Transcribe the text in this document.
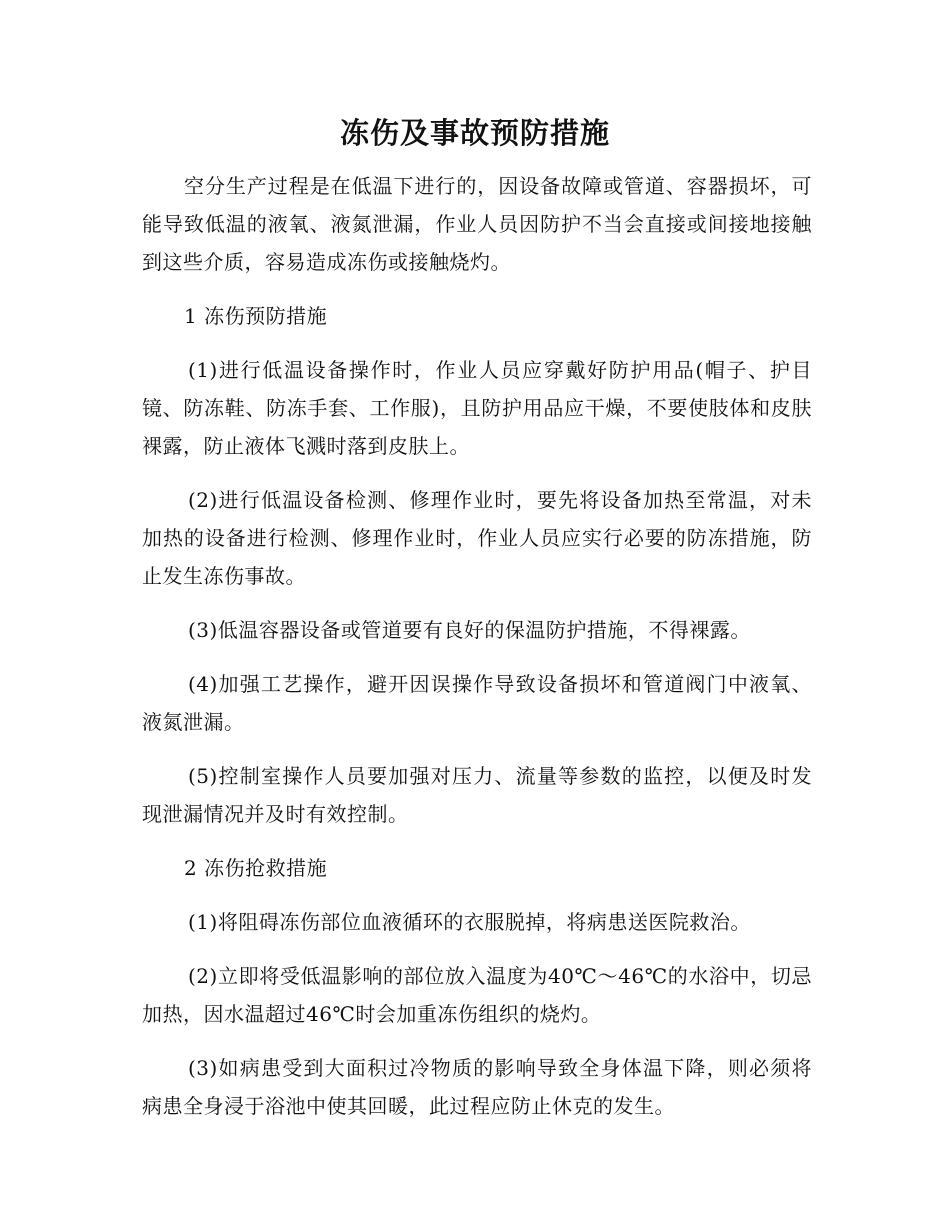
冻伤及事故预防措施

空分生产过程是在低温下进行的，因设备故障或管道、容器损坏，可能导致低温的液氧、液氮泄漏，作业人员因防护不当会直接或间接地接触到这些介质，容易造成冻伤或接触烧灼。

1 冻伤预防措施

(1)进行低温设备操作时，作业人员应穿戴好防护用品(帽子、护目镜、防冻鞋、防冻手套、工作服)，且防护用品应干燥，不要使肢体和皮肤裸露，防止液体飞溅时落到皮肤上。

(2)进行低温设备检测、修理作业时，要先将设备加热至常温，对未加热的设备进行检测、修理作业时，作业人员应实行必要的防冻措施，防止发生冻伤事故。

(3)低温容器设备或管道要有良好的保温防护措施，不得裸露。

(4)加强工艺操作，避开因误操作导致设备损坏和管道阀门中液氧、液氮泄漏。

(5)控制室操作人员要加强对压力、流量等参数的监控，以便及时发现泄漏情况并及时有效控制。

2 冻伤抢救措施

(1)将阻碍冻伤部位血液循环的衣服脱掉，将病患送医院救治。

(2)立即将受低温影响的部位放入温度为40℃～46℃的水浴中，切忌加热，因水温超过46℃时会加重冻伤组织的烧灼。

(3)如病患受到大面积过冷物质的影响导致全身体温下降，则必须将病患全身浸于浴池中使其回暖，此过程应防止休克的发生。
